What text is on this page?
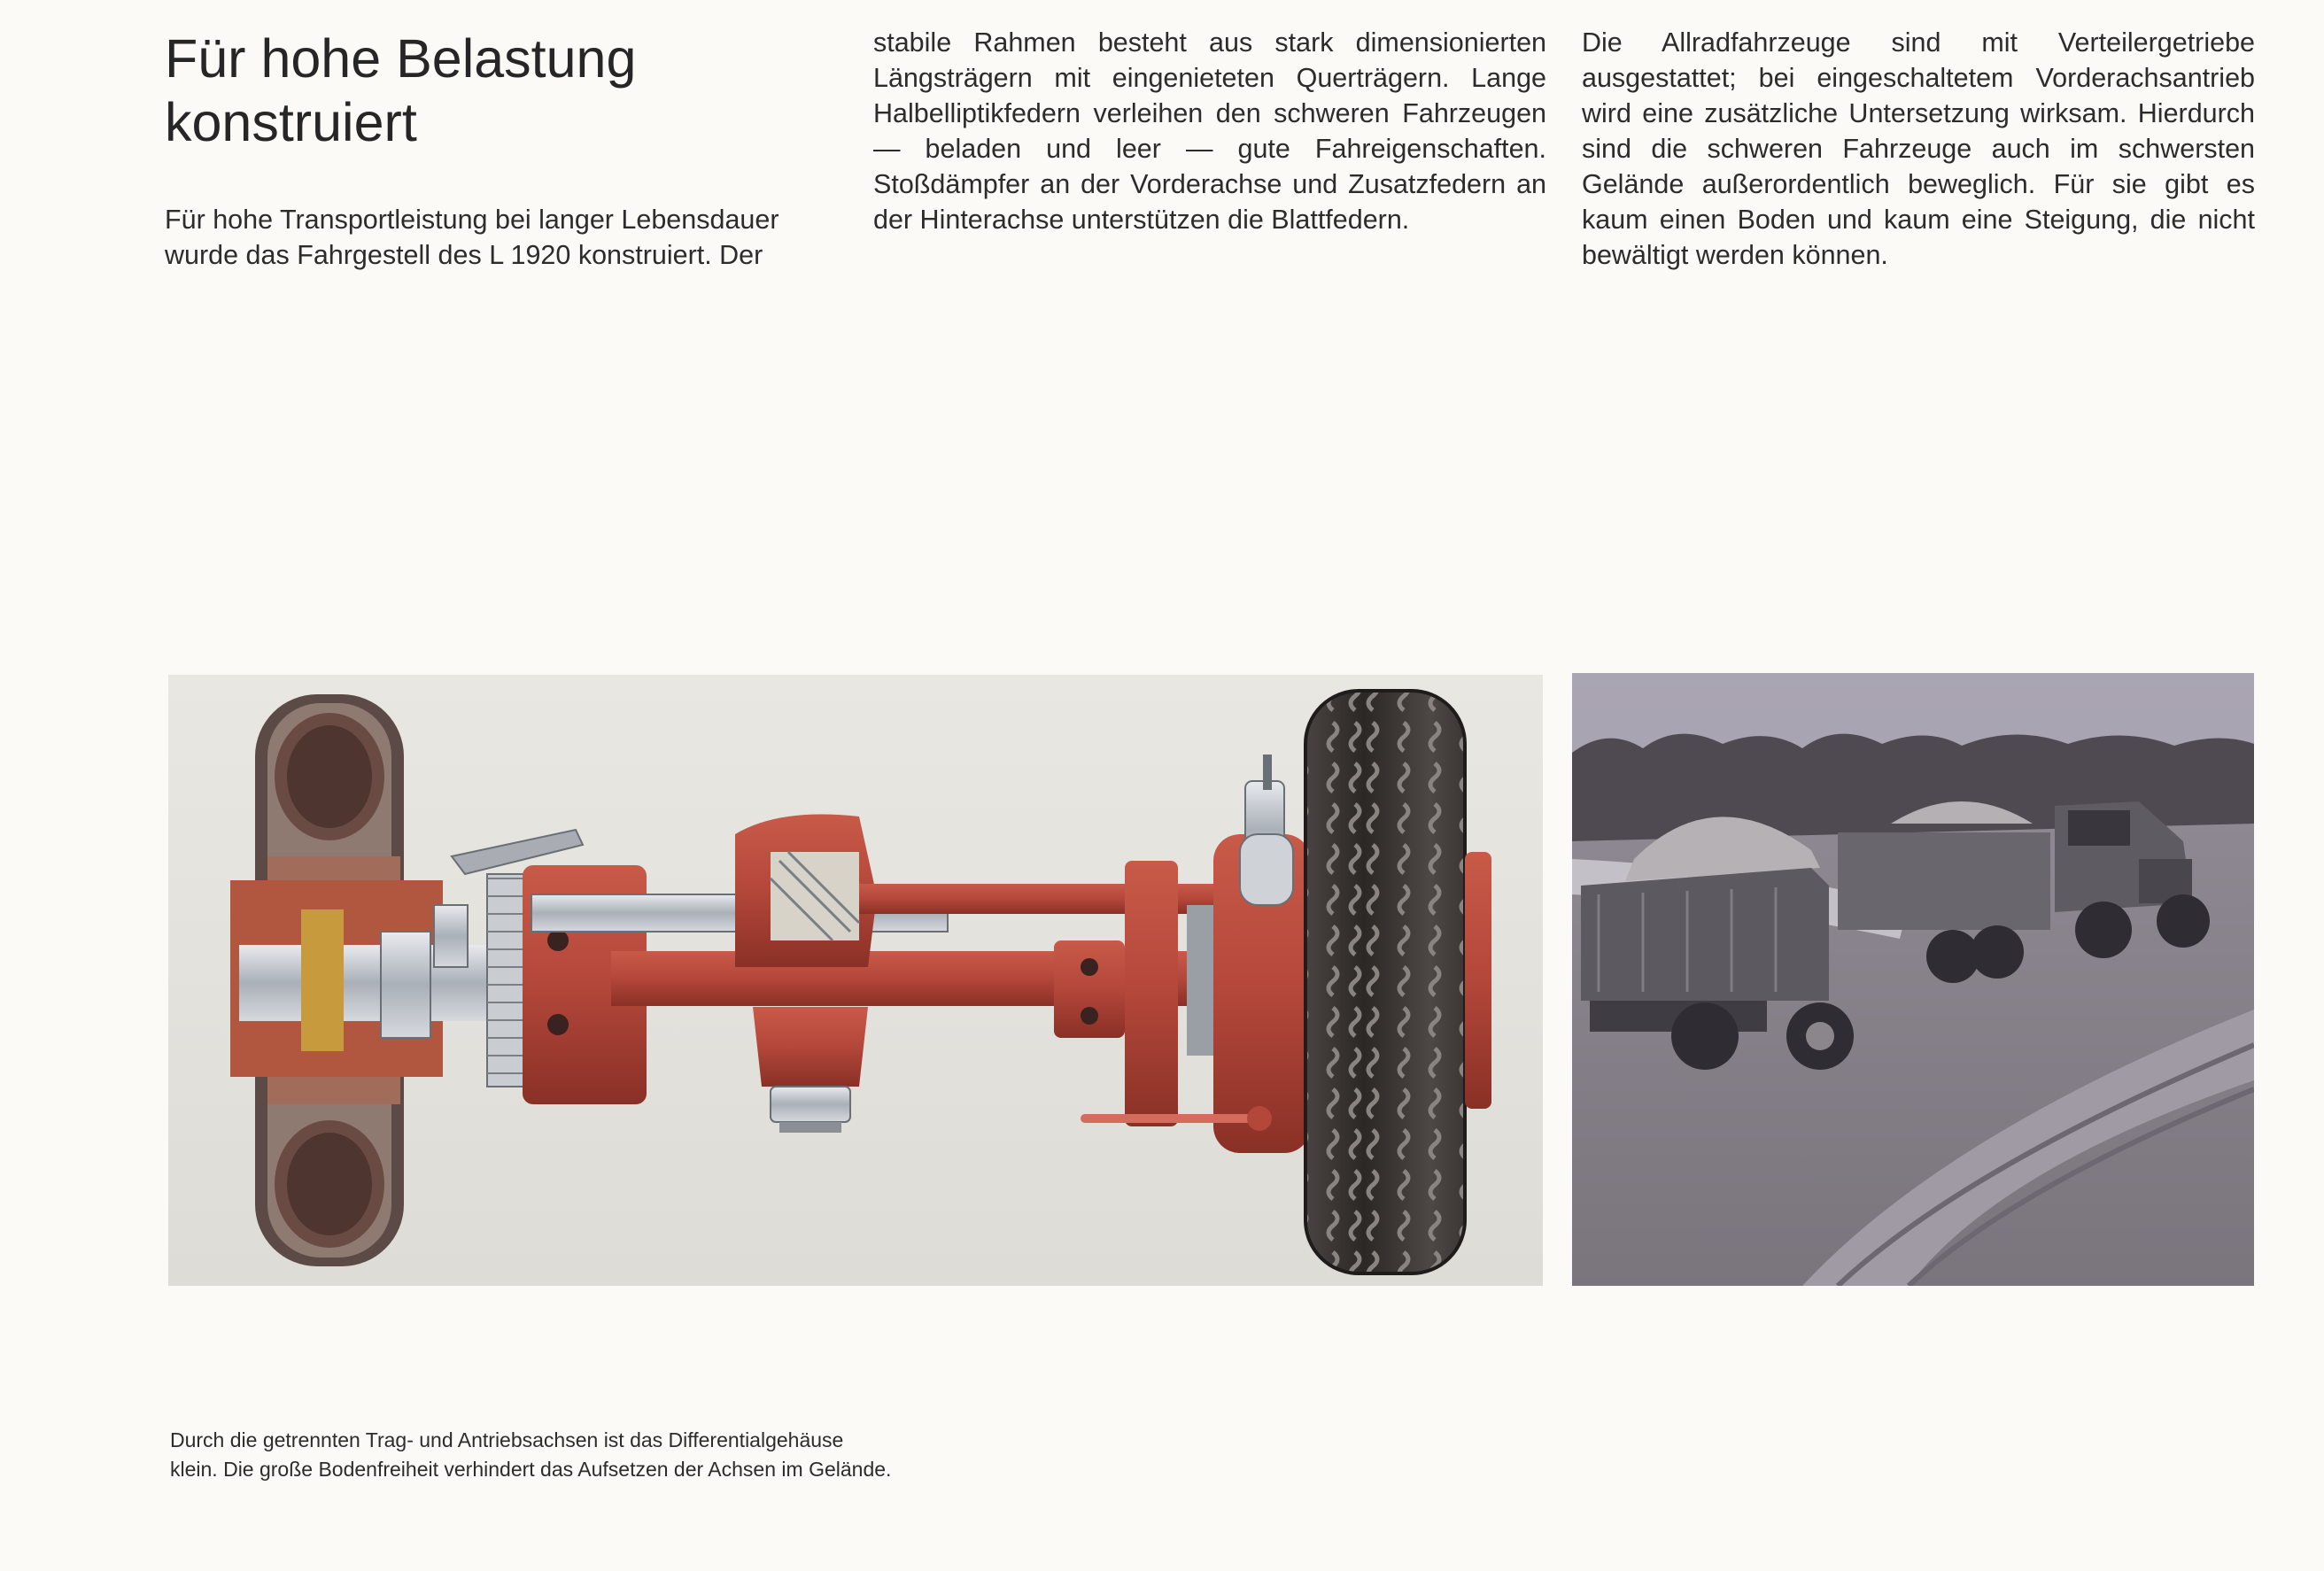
Für hohe Belastung
konstruiert

Für hohe Transportleistung bei langer Lebensdauer wurde das Fahrgestell des L 1920 konstruiert. Der

stabile Rahmen besteht aus stark dimensionierten
Längsträgern mit eingenieteten Querträgern. Lange Halbelliptikfedern verleihen den schweren Fahrzeugen — beladen und leer — gute Fahreigenschaften. Stoßdämpfer an der Vorderachse und Zusatzfedern an der Hinterachse unterstützen die Blattfedern.

Die Allradfahrzeuge sind mit Verteilergetriebe ausgestattet; bei eingeschaltetem Vorderachsantrieb wird eine zusätzliche Untersetzung wirksam. Hierdurch sind die schweren Fahrzeuge auch im schwersten Gelände außerordentlich beweglich. Für sie gibt es kaum einen Boden und kaum eine Steigung, die nicht bewältigt werden können.

Durch die getrennten Trag- und Antriebsachsen ist das Differentialgehäuse klein. Die große Bodenfreiheit verhindert das Aufsetzen der Achsen im Gelände.
